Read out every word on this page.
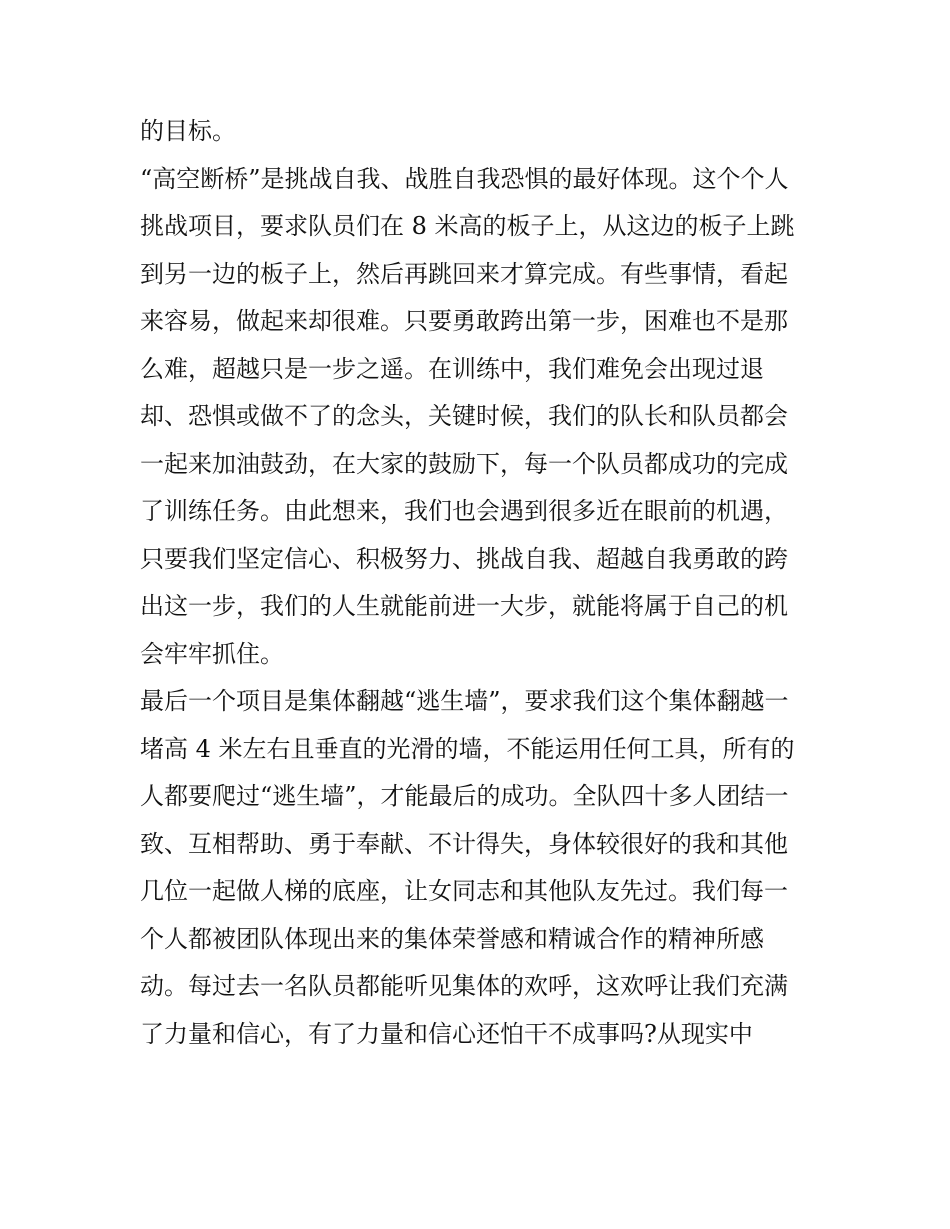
的目标。
“高空断桥”是挑战自我、战胜自我恐惧的最好体现。这个个人
挑战项目，要求队员们在 8 米高的板子上，从这边的板子上跳
到另一边的板子上，然后再跳回来才算完成。有些事情，看起
来容易，做起来却很难。只要勇敢跨出第一步，困难也不是那
么难，超越只是一步之遥。在训练中，我们难免会出现过退
却、恐惧或做不了的念头，关键时候，我们的队长和队员都会
一起来加油鼓劲，在大家的鼓励下，每一个队员都成功的完成
了训练任务。由此想来，我们也会遇到很多近在眼前的机遇，
只要我们坚定信心、积极努力、挑战自我、超越自我勇敢的跨
出这一步，我们的人生就能前进一大步，就能将属于自己的机
会牢牢抓住。
最后一个项目是集体翻越“逃生墙”，要求我们这个集体翻越一
堵高 4 米左右且垂直的光滑的墙，不能运用任何工具，所有的
人都要爬过“逃生墙”，才能最后的成功。全队四十多人团结一
致、互相帮助、勇于奉献、不计得失，身体较很好的我和其他
几位一起做人梯的底座，让女同志和其他队友先过。我们每一
个人都被团队体现出来的集体荣誉感和精诚合作的精神所感
动。每过去一名队员都能听见集体的欢呼，这欢呼让我们充满
了力量和信心，有了力量和信心还怕干不成事吗?从现实中
